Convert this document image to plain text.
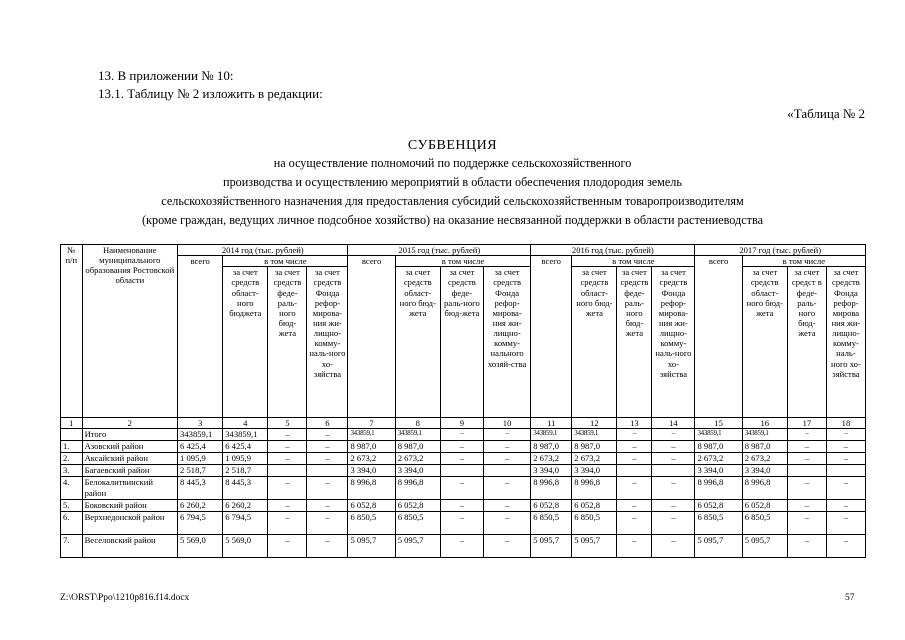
13. В приложении № 10:
13.1. Таблицу № 2 изложить в редакции:
«Таблица № 2
СУБВЕНЦИЯ
на осуществление полномочий по поддержке сельскохозяйственного
производства и осуществлению мероприятий в области обеспечения плодородия земель
сельскохозяйственного назначения для предоставления субсидий сельскохозяйственным товаропроизводителям
(кроме граждан, ведущих личное подсобное хозяйство) на оказание несвязанной поддержки в области растениеводства
№ п/п	Наименование муниципального образования Ростовской области	2014 год (тыс. рублей)				2015 год (тыс. рублей)				2016 год (тыс. рублей)				2017 год (тыс. рублей)			
		всего	в том числе			всего	в том числе			всего	в том числе			всего	в том числе		
			за счет средств област-ного бюджета	за счет средств феде-раль-ного бюд-жета	за счет средств Фонда рефор-мирова-ния жи-лищно-комму-наль-ного хо-зяйства		за счет средств област-ного бюд-жета	за счет средств феде-раль-ного бюд-жета	за счет средств Фонда рефор-мирова-ния жи-лищно-комму-нального хозяй-ства		за счет средств област-ного бюд-жета	за счет средств феде-раль-ного бюд-жета	за счет средств Фонда рефор-мирова-ния жи-лищно-комму-наль-ного хо-зяйства		за счет средств област-ного бюд-жета	за счет средст в феде-раль-ного бюд-жета	за счет средств Фонда рефор-мирова ния жи-лищно-комму-наль-ного хо-зяйства
1	2	3	4	5	6	7	8	9	10	11	12	13	14	15	16	17	18
	Итого	343859,1	343859,1	–	–	343859,1	343859,1	–	–	343859,1	343859,1	–	–	343859,1	343859,1	–	–
1.	Азовский район	6 425,4	6 425,4	–	–	8 987,0	8 987,0	–	–	8 987,0	8 987,0	–	–	8 987,0	8 987,0	–	–
2.	Аксайский район	1 095,9	1 095,9	–	–	2 673,2	2 673,2	–	–	2 673,2	2 673,2	–	–	2 673,2	2 673,2	–	–
3.	Багаевский район	2 518,7	2 518,7			3 394,0	3 394,0			3 394,0	3 394,0			3 394,0	3 394,0		
4.	Белокалитвинский район	8 445,3	8 445,3	–	–	8 996,8	8 996,8	–	–	8 996,8	8 996,8	–	–	8 996,8	8 996,8	–	–
5.	Боковский район	6 260,2	6 260,2	–	–	6 052,8	6 052,8	–	–	6 052,8	6 052,8	–	–	6 052,8	6 052,8	–	–
6.	Верхнедонской район	6 794,5	6 794,5	–	–	6 850,5	6 850,5	–	–	6 850,5	6 850,5	–	–	6 850,5	6 850,5	–	–
7.	Веселовский район	5 569,0	5 569,0	–	–	5 095,7	5 095,7	–	–	5 095,7	5 095,7	–	–	5 095,7	5 095,7	–	–
Z:\ORST\Ppo\1210p816.f14.docx	57
